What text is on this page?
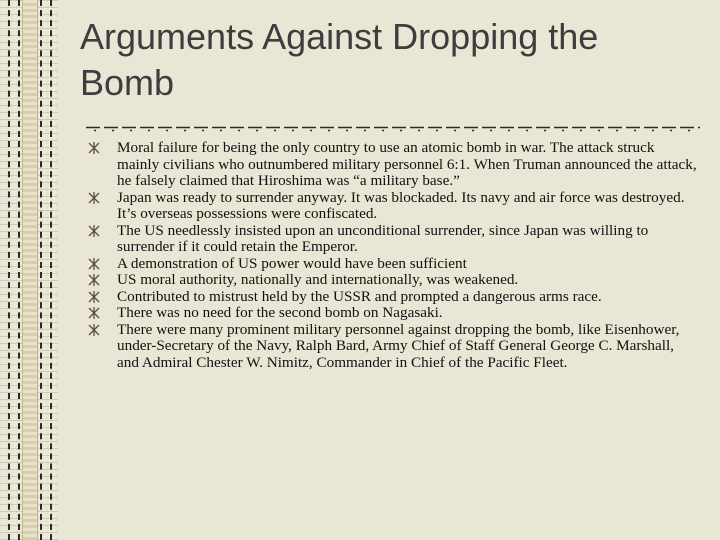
Arguments Against Dropping the Bomb
Moral failure for being the only country to use an atomic bomb in war. The attack struck mainly civilians who outnumbered military personnel 6:1. When Truman announced the attack, he falsely claimed that Hiroshima was “a military base.”
Japan was ready to surrender anyway. It was blockaded. Its navy and air force was destroyed. It’s overseas possessions were confiscated.
The US needlessly insisted upon an unconditional surrender, since Japan was willing to surrender if it could retain the Emperor.
A demonstration of US power would have been sufficient
US moral authority, nationally and internationally, was weakened.
Contributed to mistrust held by the USSR and prompted a dangerous arms race.
There was no need for the second bomb on Nagasaki.
There were many prominent military personnel against dropping the bomb, like Eisenhower, under-Secretary of the Navy, Ralph Bard, Army Chief of Staff General George C. Marshall, and Admiral Chester W. Nimitz, Commander in Chief of the Pacific Fleet.
